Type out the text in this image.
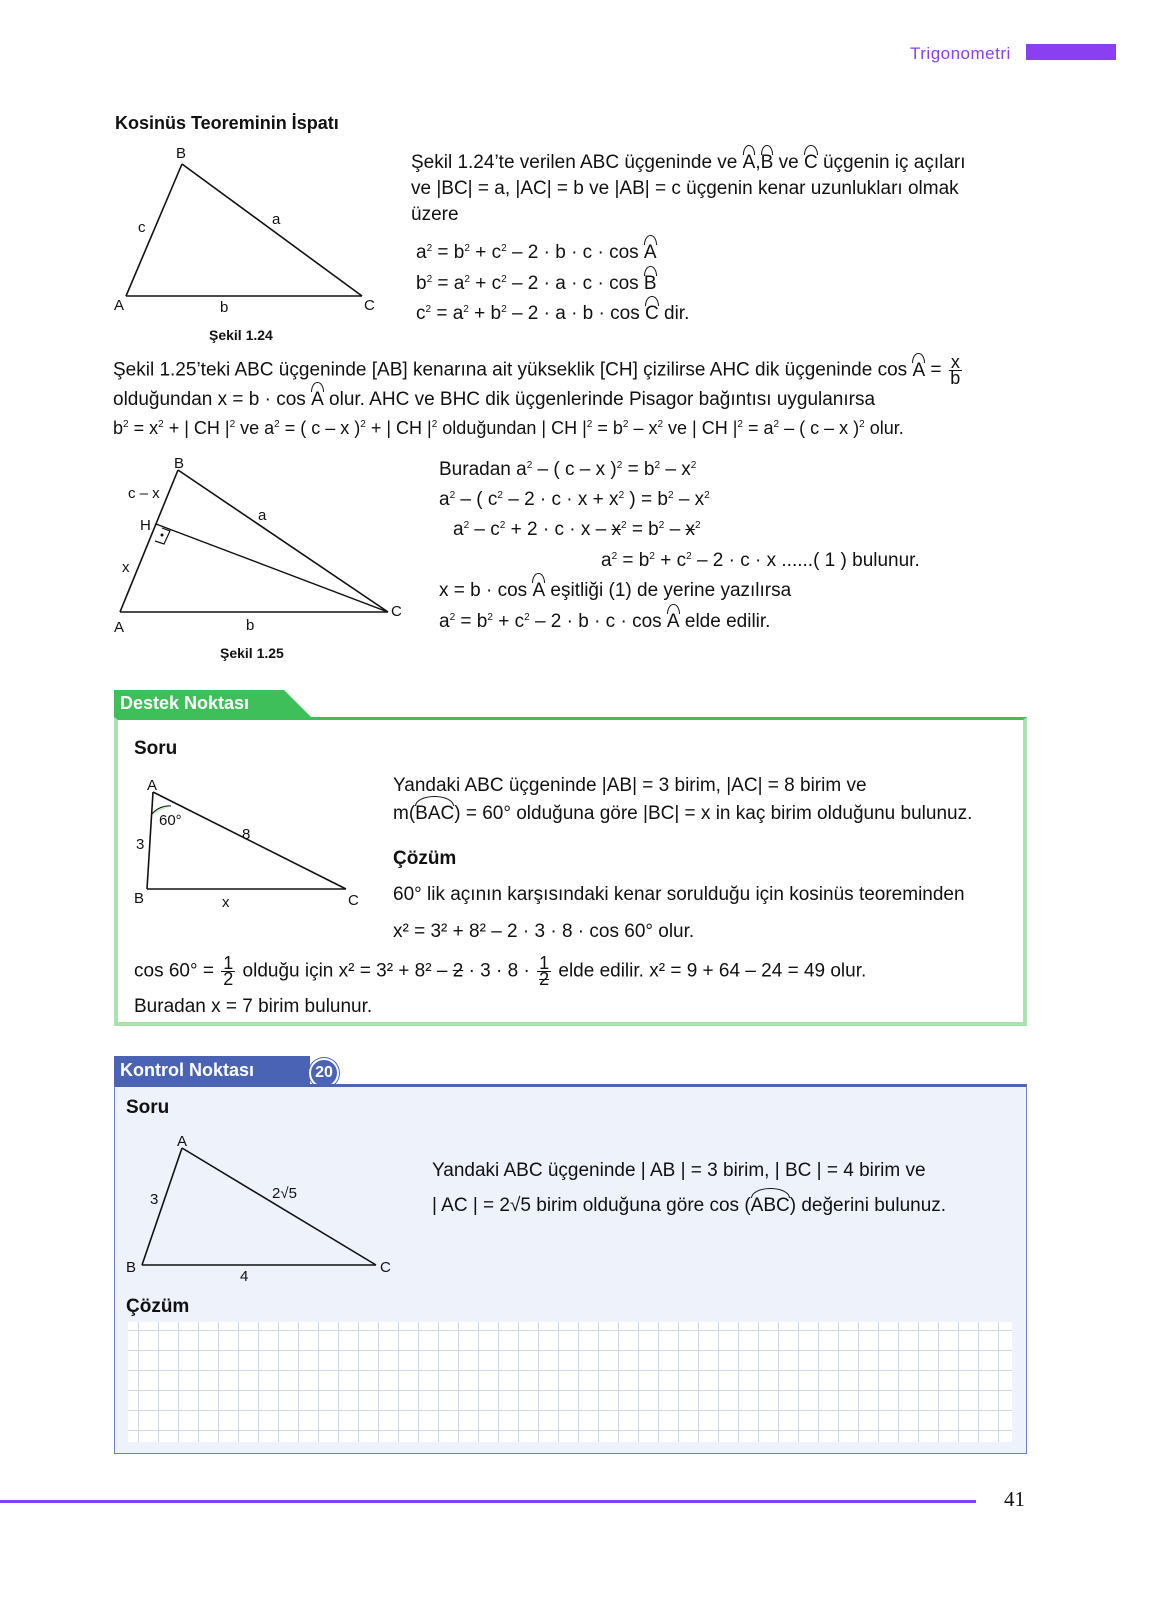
Trigonometri
Kosinüs Teoreminin İspatı
B
A	C
c	a
b
Şekil 1.24
Şekil 1.24’te verilen ABC üçgeninde ve A,B ve C üçgenin iç açıları
ve |BC| = a, |AC| = b ve |AB| = c üçgenin kenar uzunlukları olmak
üzere
$a^2 = b^2 + c^2 - 2 \cdot b \cdot c \cdot \cos A$
$b^2 = a^2 + c^2 - 2 \cdot a \cdot c \cdot \cos B$
$c^2 = a^2 + b^2 - 2 \cdot a \cdot b \cdot \cos C$ dir.
Şekil 1.25’teki ABC üçgeninde [AB] kenarına ait yükseklik [CH] çizilirse AHC dik üçgeninde $\cos A = \frac{x}{b}$
olduğundan x = b · cos A olur. AHC ve BHC dik üçgenlerinde Pisagor bağıntısı uygulanırsa
$b^2 = x^2$ + | CH $|^2$ ve $a^2$ = ( c – x )$^2$ + | CH $|^2$ olduğundan | CH $|^2 = b^2 - x^2$ ve | CH $|^2 = a^2$ – ( c – x )$^2$ olur.
B
c – x
H
a
x
A	b
C
Şekil 1.25
Buradan $a^2$ – ( c – x )$^2 = b^2 - x^2$
$a^2$ – ( $c^2 - 2 \cdot c \cdot x + x^2$ ) = $b^2 - x^2$
$a^2 - c^2 + 2 \cdot c \cdot x - x^2 = b^2 - x^2$
$a^2 = b^2 + c^2 - 2 \cdot c \cdot x$ ......( 1 ) bulunur.
x = b · cos A eşitliği (1) de yerine yazılırsa
$a^2 = b^2 + c^2 - 2 \cdot b \cdot c \cdot \cos A$ elde edilir.
Destek Noktası
Soru
A
60°
8
3
B	x	C
Yandaki ABC üçgeninde |AB| = 3 birim, |AC| = 8 birim ve
m(BAC) = 60° olduğuna göre |BC| = x in kaç birim olduğunu bulunuz.
Çözüm
60° lik açının karşısındaki kenar sorulduğu için kosinüs teoreminden
x² = 3² + 8² – 2 · 3 · 8 · cos 60° olur.
$\cos 60^\circ = \frac{1}{2}$ olduğu için $x^2 = 3^2 + 8^2 - 2 \cdot 3 \cdot 8 \cdot \frac{1}{2}$ elde edilir. x² = 9 + 64 – 24 = 49 olur.
Buradan x = 7 birim bulunur.
Kontrol Noktası	20
Soru
A
3	2√5
B
4
C
Yandaki ABC üçgeninde | AB | = 3 birim, | BC | = 4 birim ve
| AC | = 2√5 birim olduğuna göre cos (ABC) değerini bulunuz.
Çözüm
41
